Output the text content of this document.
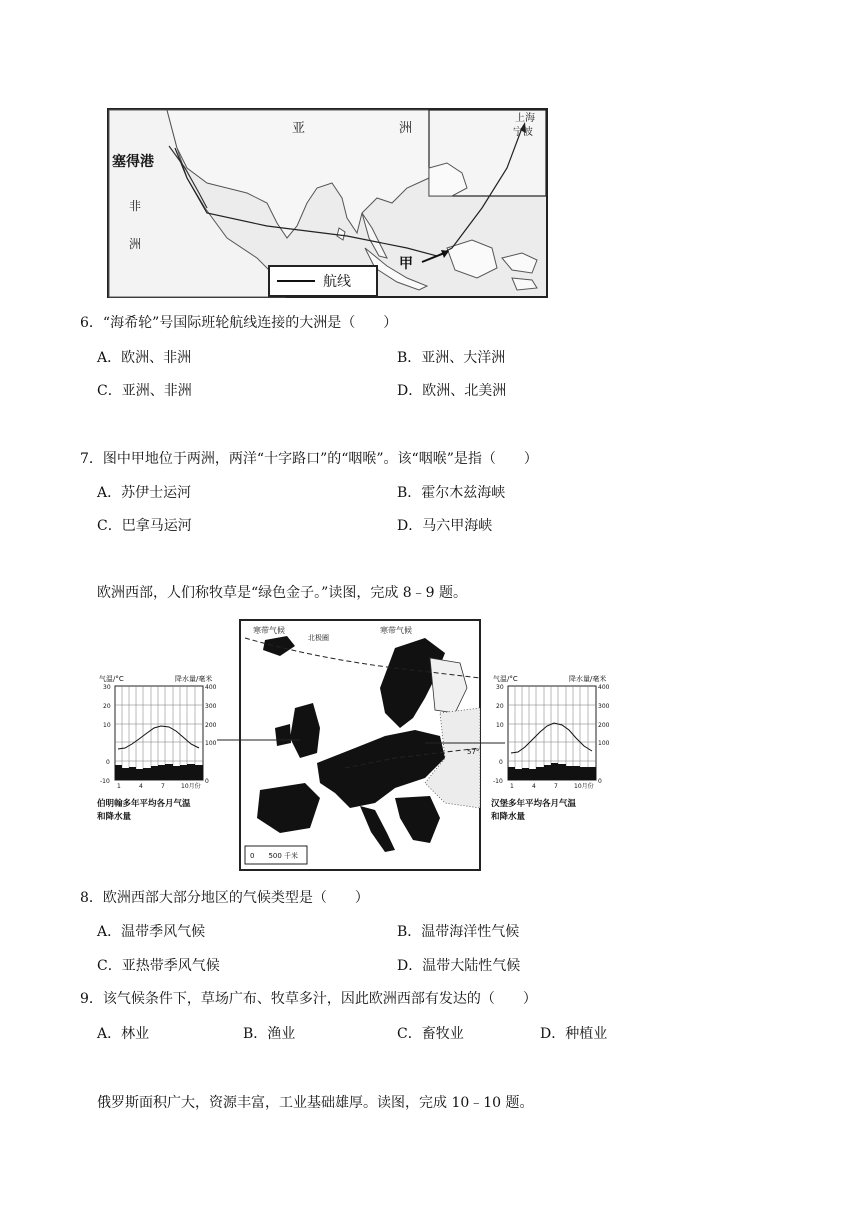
亚	洲
塞得港
非
洲
上海
宁波
甲
航线
6．“海希轮”号国际班轮航线连接的大洲是（　　）
A．欧洲、非洲	B．亚洲、大洋洲
C．亚洲、非洲	D．欧洲、北美洲
7．图中甲地位于两洲，两洋“十字路口”的“咽喉”。该“咽喉”是指（　　）
A．苏伊士运河	B．霍尔木兹海峡
C．巴拿马运河	D．马六甲海峡
欧洲西部，人们称牧草是“绿色金子。”读图，完成 8﹣9 题。
寒带气候
北极圈
寒带气候
57°
0　　500 千米
气温/°C	降水量/毫米
30
20
10
0
-10
400
300
200
100
0
1	4	7	10月份
伯明翰多年平均各月气温
和降水量
气温/°C	降水量/毫米
30
20
10
0
-10
400
300
200
100
0
1	4	7	10月份
汉堡多年平均各月气温
和降水量
8．欧洲西部大部分地区的气候类型是（　　）
A．温带季风气候	B．温带海洋性气候
C．亚热带季风气候	D．温带大陆性气候
9．该气候条件下，草场广布、牧草多汁，因此欧洲西部有发达的（　　）
A．林业	B．渔业	C．畜牧业	D．种植业
俄罗斯面积广大，资源丰富，工业基础雄厚。读图，完成 10﹣10 题。
